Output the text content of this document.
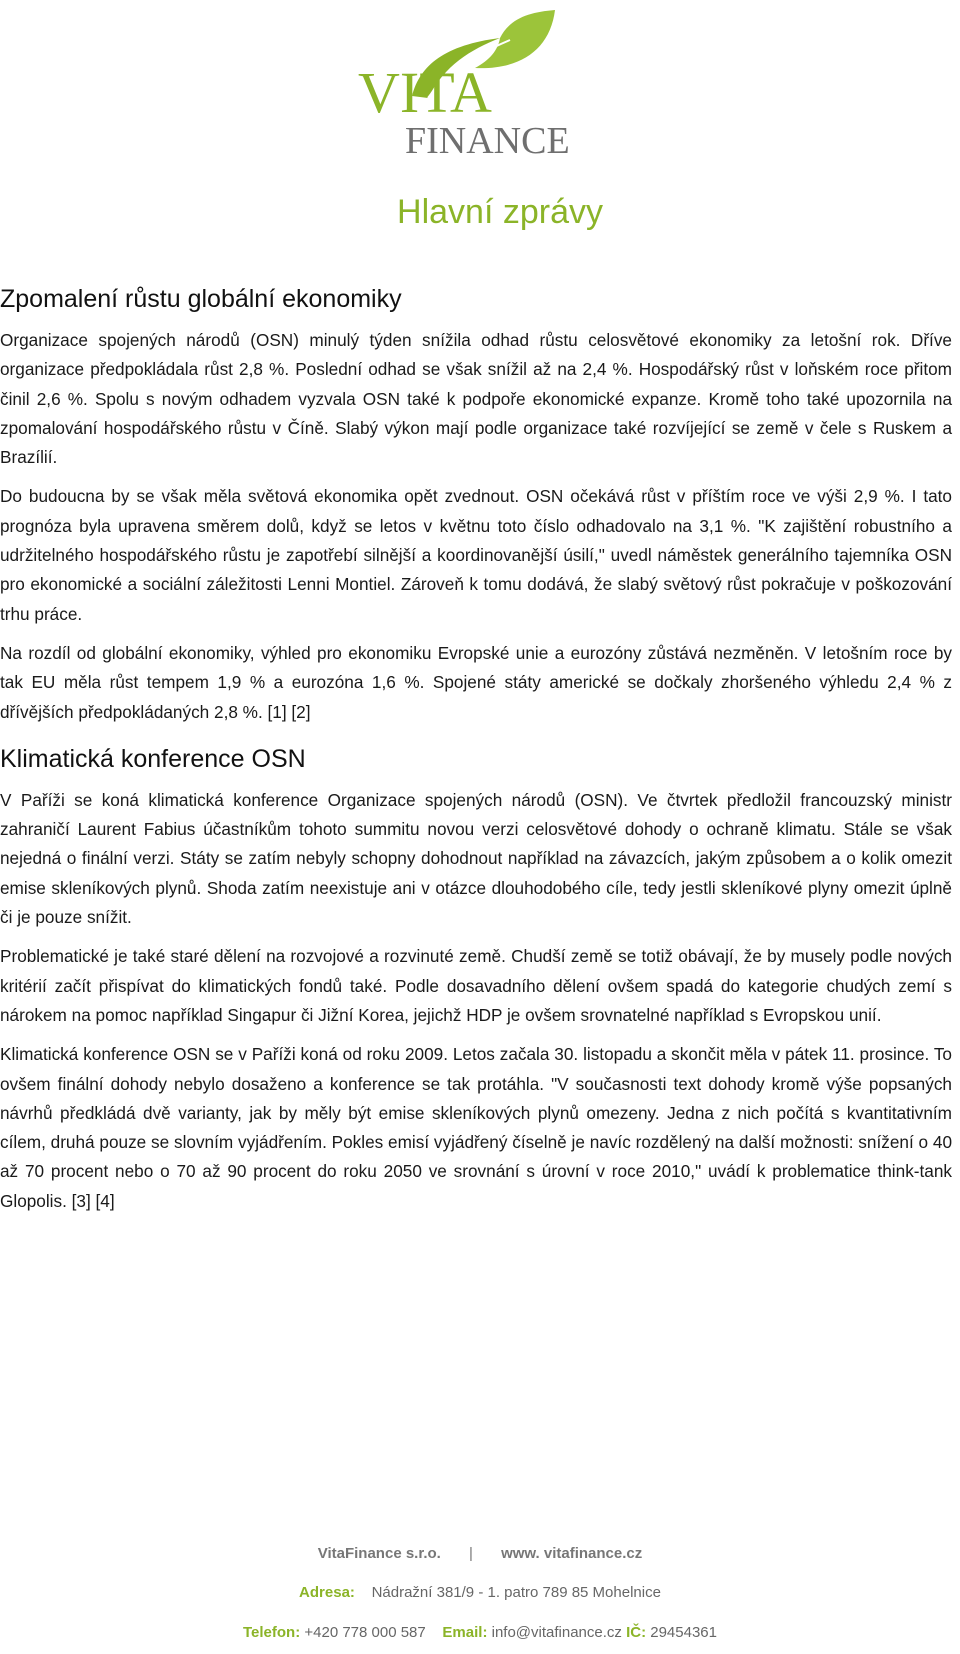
VITA
FINANCE
Hlavní zprávy
Zpomalení růstu globální ekonomiky

Organizace spojených národů (OSN) minulý týden snížila odhad růstu celosvětové ekonomiky za letošní rok. Dříve organizace předpokládala růst 2,8 %. Poslední odhad se však snížil až na 2,4 %. Hospodářský růst v loňském roce přitom činil 2,6 %. Spolu s novým odhadem vyzvala OSN také k podpoře ekonomické expanze. Kromě toho také upozornila na zpomalování hospodářského růstu v Číně. Slabý výkon mají podle organizace také rozvíjející se země v čele s Ruskem a Brazílií.

Do budoucna by se však měla světová ekonomika opět zvednout. OSN očekává růst v příštím roce ve výši 2,9 %. I tato prognóza byla upravena směrem dolů, když se letos v květnu toto číslo odhadovalo na 3,1 %. "K zajištění robustního a udržitelného hospodářského růstu je zapotřebí silnější a koordinovanější úsilí," uvedl náměstek generálního tajemníka OSN pro ekonomické a sociální záležitosti Lenni Montiel. Zároveň k tomu dodává, že slabý světový růst pokračuje v poškozování trhu práce.

Na rozdíl od globální ekonomiky, výhled pro ekonomiku Evropské unie a eurozóny zůstává nezměněn. V letošním roce by tak EU měla růst tempem 1,9 % a eurozóna 1,6 %. Spojené státy americké se dočkaly zhoršeného výhledu 2,4 % z dřívějších předpokládaných 2,8 %. [1] [2]

Klimatická konference OSN

V Paříži se koná klimatická konference Organizace spojených národů (OSN). Ve čtvrtek předložil francouzský ministr zahraničí Laurent Fabius účastníkům tohoto summitu novou verzi celosvětové dohody o ochraně klimatu. Stále se však nejedná o finální verzi. Státy se zatím nebyly schopny dohodnout například na závazcích, jakým způsobem a o kolik omezit emise skleníkových plynů. Shoda zatím neexistuje ani v otázce dlouhodobého cíle, tedy jestli skleníkové plyny omezit úplně či je pouze snížit.

Problematické je také staré dělení na rozvojové a rozvinuté země. Chudší země se totiž obávají, že by musely podle nových kritérií začít přispívat do klimatických fondů také. Podle dosavadního dělení ovšem spadá do kategorie chudých zemí s nárokem na pomoc například Singapur či Jižní Korea, jejichž HDP je ovšem srovnatelné například s Evropskou unií.

Klimatická konference OSN se v Paříži koná od roku 2009. Letos začala 30. listopadu a skončit měla v pátek 11. prosince. To ovšem finální dohody nebylo dosaženo a konference se tak protáhla. "V současnosti text dohody kromě výše popsaných návrhů předkládá dvě varianty, jak by měly být emise skleníkových plynů omezeny. Jedna z nich počítá s kvantitativním cílem, druhá pouze se slovním vyjádřením. Pokles emisí vyjádřený číselně je navíc rozdělený na další možnosti: snížení o 40 až 70 procent nebo o 70 až 90 procent do roku 2050 ve srovnání s úrovní v roce 2010," uvádí k problematice think-tank Glopolis. [3] [4]

VitaFinance s.r.o. | www. vitafinance.cz
Adresa: Nádražní 381/9 - 1. patro 789 85 Mohelnice
Telefon: +420 778 000 587 Email: info@vitafinance.cz IČ: 29454361
